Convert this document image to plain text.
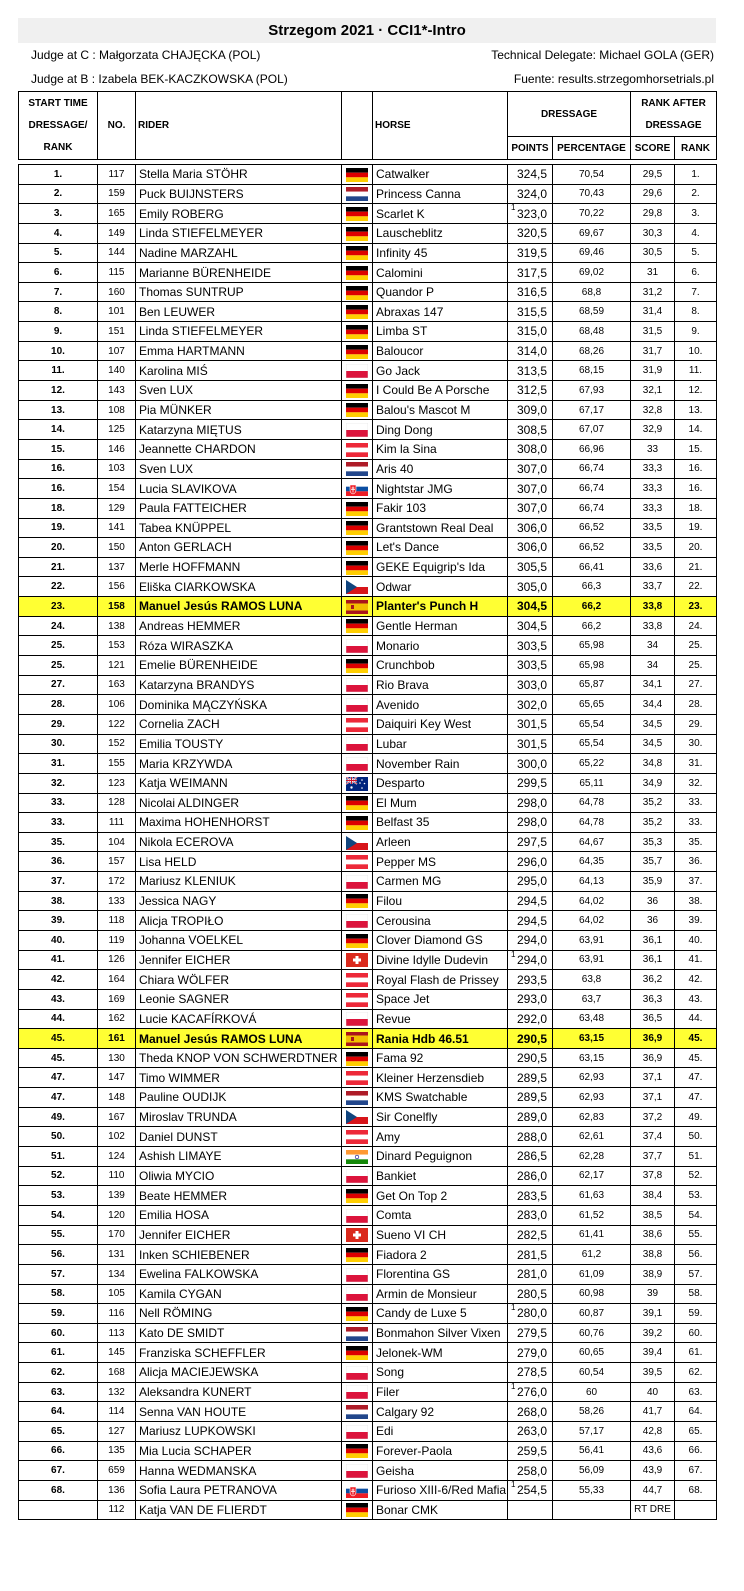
Strzegom 2021 · CCI1*-Intro
Judge at C : Małgorzata CHAJĘCKA (POL)	Technical Delegate: Michael GOLA (GER)
Judge at B : Izabela BEK-KACZKOWSKA (POL)	Fuente: results.strzegomhorsetrials.pl
START TIME					DRESSAGE		RANK AFTER	
DRESSAGE/	NO.	RIDER		HORSE			DRESSAGE	
RANK					POINTS	PERCENTAGE	SCORE	RANK

1.	117	Stella Maria STÖHR		Catwalker	324,5	70,54	29,5	1.
2.	159	Puck BUIJNSTERS		Princess Canna	324,0	70,43	29,6	2.
3.	165	Emily ROBERG		Scarlet K	1 323,0	70,22	29,8	3.
4.	149	Linda STIEFELMEYER		Lauscheblitz	320,5	69,67	30,3	4.
5.	144	Nadine MARZAHL		Infinity 45	319,5	69,46	30,5	5.
6.	115	Marianne BÜRENHEIDE		Calomini	317,5	69,02	31	6.
7.	160	Thomas SUNTRUP		Quandor P	316,5	68,8	31,2	7.
8.	101	Ben LEUWER		Abraxas 147	315,5	68,59	31,4	8.
9.	151	Linda STIEFELMEYER		Limba ST	315,0	68,48	31,5	9.
10.	107	Emma HARTMANN		Baloucor	314,0	68,26	31,7	10.
11.	140	Karolina MIŚ		Go Jack	313,5	68,15	31,9	11.
12.	143	Sven LUX		I Could Be A Porsche	312,5	67,93	32,1	12.
13.	108	Pia MÜNKER		Balou's Mascot M	309,0	67,17	32,8	13.
14.	125	Katarzyna MIĘTUS		Ding Dong	308,5	67,07	32,9	14.
15.	146	Jeannette CHARDON		Kim la Sina	308,0	66,96	33	15.
16.	103	Sven LUX		Aris 40	307,0	66,74	33,3	16.
16.	154	Lucia SLAVIKOVA		Nightstar JMG	307,0	66,74	33,3	16.
18.	129	Paula FATTEICHER		Fakir 103	307,0	66,74	33,3	18.
19.	141	Tabea KNÜPPEL		Grantstown Real Deal	306,0	66,52	33,5	19.
20.	150	Anton GERLACH		Let's Dance	306,0	66,52	33,5	20.
21.	137	Merle HOFFMANN		GEKE Equigrip's Ida	305,5	66,41	33,6	21.
22.	156	Eliška CIARKOWSKA		Odwar	305,0	66,3	33,7	22.
23.	158	Manuel Jesús RAMOS LUNA		Planter's Punch H	304,5	66,2	33,8	23.
24.	138	Andreas HEMMER		Gentle Herman	304,5	66,2	33,8	24.
25.	153	Róza WIRASZKA		Monario	303,5	65,98	34	25.
25.	121	Emelie BÜRENHEIDE		Crunchbob	303,5	65,98	34	25.
27.	163	Katarzyna BRANDYS		Rio Brava	303,0	65,87	34,1	27.
28.	106	Dominika MĄCZYŃSKA		Avenido	302,0	65,65	34,4	28.
29.	122	Cornelia ZACH		Daiquiri Key West	301,5	65,54	34,5	29.
30.	152	Emilia TOUSTY		Lubar	301,5	65,54	34,5	30.
31.	155	Maria KRZYWDA		November Rain	300,0	65,22	34,8	31.
32.	123	Katja WEIMANN		Desparto	299,5	65,11	34,9	32.
33.	128	Nicolai ALDINGER		El Mum	298,0	64,78	35,2	33.
33.	111	Maxima HOHENHORST		Belfast 35	298,0	64,78	35,2	33.
35.	104	Nikola ECEROVA		Arleen	297,5	64,67	35,3	35.
36.	157	Lisa HELD		Pepper MS	296,0	64,35	35,7	36.
37.	172	Mariusz KLENIUK		Carmen MG	295,0	64,13	35,9	37.
38.	133	Jessica NAGY		Filou	294,5	64,02	36	38.
39.	118	Alicja TROPIŁO		Cerousina	294,5	64,02	36	39.
40.	119	Johanna VOELKEL		Clover Diamond GS	294,0	63,91	36,1	40.
41.	126	Jennifer EICHER		Divine Idylle Dudevin	1 294,0	63,91	36,1	41.
42.	164	Chiara WÖLFER		Royal Flash de Prissey	293,5	63,8	36,2	42.
43.	169	Leonie SAGNER		Space Jet	293,0	63,7	36,3	43.
44.	162	Lucie KACAFÍRKOVÁ		Revue	292,0	63,48	36,5	44.
45.	161	Manuel Jesús RAMOS LUNA		Rania Hdb 46.51	290,5	63,15	36,9	45.
45.	130	Theda KNOP VON SCHWERDTNER		Fama 92	290,5	63,15	36,9	45.
47.	147	Timo WIMMER		Kleiner Herzensdieb	289,5	62,93	37,1	47.
47.	148	Pauline OUDIJK		KMS Swatchable	289,5	62,93	37,1	47.
49.	167	Miroslav TRUNDA		Sir Conelfly	289,0	62,83	37,2	49.
50.	102	Daniel DUNST		Amy	288,0	62,61	37,4	50.
51.	124	Ashish LIMAYE		Dinard Peguignon	286,5	62,28	37,7	51.
52.	110	Oliwia MYCIO		Bankiet	286,0	62,17	37,8	52.
53.	139	Beate HEMMER		Get On Top 2	283,5	61,63	38,4	53.
54.	120	Emilia HOSA		Comta	283,0	61,52	38,5	54.
55.	170	Jennifer EICHER		Sueno VI CH	282,5	61,41	38,6	55.
56.	131	Inken SCHIEBENER		Fiadora 2	281,5	61,2	38,8	56.
57.	134	Ewelina FALKOWSKA		Florentina GS	281,0	61,09	38,9	57.
58.	105	Kamila CYGAN		Armin de Monsieur	280,5	60,98	39	58.
59.	116	Nell RÖMING		Candy de Luxe 5	1 280,0	60,87	39,1	59.
60.	113	Kato DE SMIDT		Bonmahon Silver Vixen	279,5	60,76	39,2	60.
61.	145	Franziska SCHEFFLER		Jelonek-WM	279,0	60,65	39,4	61.
62.	168	Alicja MACIEJEWSKA		Song	278,5	60,54	39,5	62.
63.	132	Aleksandra KUNERT		Filer	1 276,0	60	40	63.
64.	114	Senna VAN HOUTE		Calgary 92	268,0	58,26	41,7	64.
65.	127	Mariusz LUPKOWSKI		Edi	263,0	57,17	42,8	65.
66.	135	Mia Lucia SCHAPER		Forever-Paola	259,5	56,41	43,6	66.
67.	659	Hanna WEDMANSKA		Geisha	258,0	56,09	43,9	67.
68.	136	Sofia Laura PETRANOVA		Furioso XIII-6/Red Mafia	1 254,5	55,33	44,7	68.
	112	Katja VAN DE FLIERDT		Bonar CMK			RT DRE	
